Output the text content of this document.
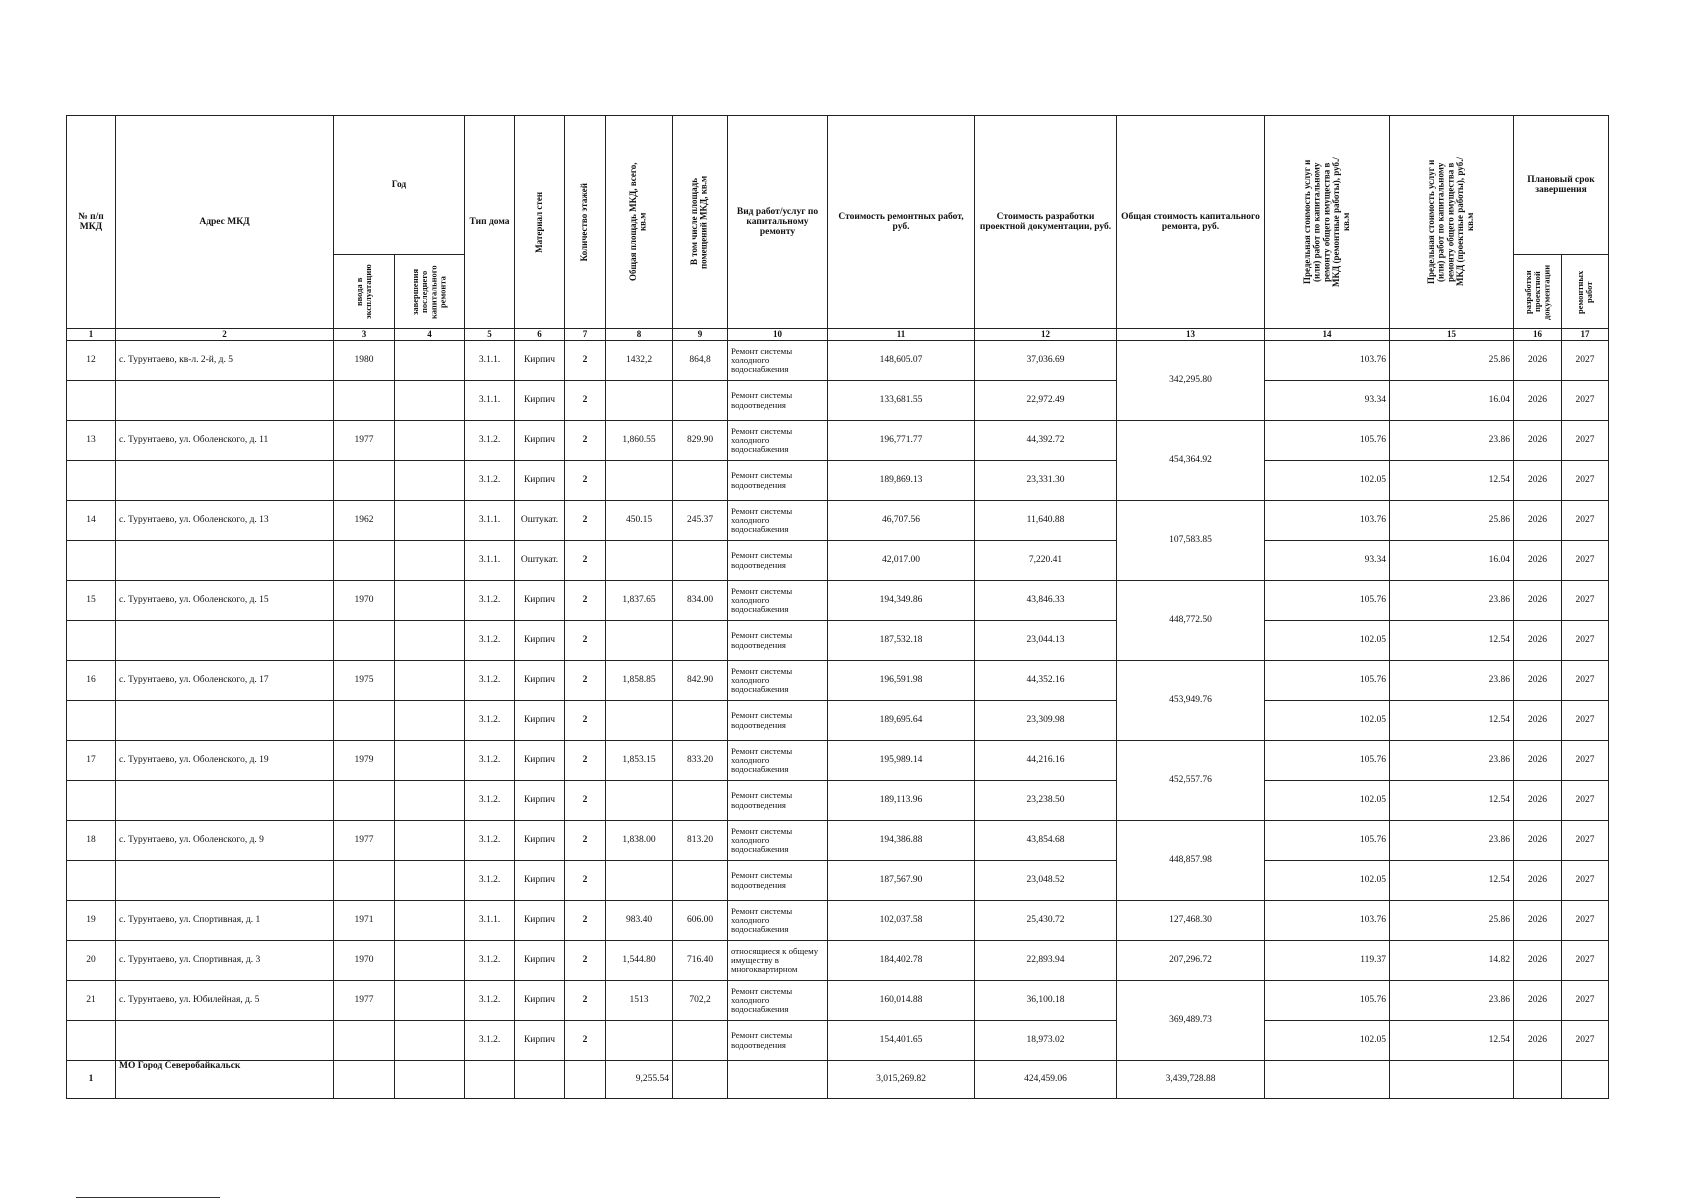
№ п/п МКД	Адрес МКД	Год		Тип дома	Материал стен	Количество этажей	Общая площадь МКД, всего, кв.м	В том числе площадь помещений МКД, кв.м	Вид работ/услуг по капитальному ремонту	Стоимость ремонтных работ, руб.	Стоимость разработки проектной документации, руб.	Общая стоимость капитального ремонта, руб.	Предельная стоимость услуг и (или) работ по капитальному ремонту общего имущества в МКД (ремонтные работы), руб./кв.м	Предельная стоимость услуг и (или) работ по капитальному ремонту общего имущества в МКД (проектные работы), руб./кв.м	Плановый срок завершения	

		ввода в эксплуатацию	завершения последнего капитального ремонта												разработки проектной документации	ремонтных работ

1	2	3	4	5	6	7	8	9	10	11	12	13	14	15	16	17
12	с. Турунтаево, кв-л. 2-й, д. 5	1980		3.1.1.	Кирпич	2	1432,2	864,8	Ремонт системы холодного водоснабжения	148,605.07	37,036.69	342,295.80	103.76	25.86	2026	2027
				3.1.1.	Кирпич	2			Ремонт системы водоотведения	133,681.55	22,972.49		93.34	16.04	2026	2027
13	с. Турунтаево, ул. Оболенского, д. 11	1977		3.1.2.	Кирпич	2	1,860.55	829.90	Ремонт системы холодного водоснабжения	196,771.77	44,392.72	454,364.92	105.76	23.86	2026	2027
				3.1.2.	Кирпич	2			Ремонт системы водоотведения	189,869.13	23,331.30		102.05	12.54	2026	2027
14	с. Турунтаево, ул. Оболенского, д. 13	1962		3.1.1.	Оштукат.	2	450.15	245.37	Ремонт системы холодного водоснабжения	46,707.56	11,640.88	107,583.85	103.76	25.86	2026	2027
				3.1.1.	Оштукат.	2			Ремонт системы водоотведения	42,017.00	7,220.41		93.34	16.04	2026	2027
15	с. Турунтаево, ул. Оболенского, д. 15	1970		3.1.2.	Кирпич	2	1,837.65	834.00	Ремонт системы холодного водоснабжения	194,349.86	43,846.33	448,772.50	105.76	23.86	2026	2027
				3.1.2.	Кирпич	2			Ремонт системы водоотведения	187,532.18	23,044.13		102.05	12.54	2026	2027
16	с. Турунтаево, ул. Оболенского, д. 17	1975		3.1.2.	Кирпич	2	1,858.85	842.90	Ремонт системы холодного водоснабжения	196,591.98	44,352.16	453,949.76	105.76	23.86	2026	2027
				3.1.2.	Кирпич	2			Ремонт системы водоотведения	189,695.64	23,309.98		102.05	12.54	2026	2027
17	с. Турунтаево, ул. Оболенского, д. 19	1979		3.1.2.	Кирпич	2	1,853.15	833.20	Ремонт системы холодного водоснабжения	195,989.14	44,216.16	452,557.76	105.76	23.86	2026	2027
				3.1.2.	Кирпич	2			Ремонт системы водоотведения	189,113.96	23,238.50		102.05	12.54	2026	2027
18	с. Турунтаево, ул. Оболенского, д. 9	1977		3.1.2.	Кирпич	2	1,838.00	813.20	Ремонт системы холодного водоснабжения	194,386.88	43,854.68	448,857.98	105.76	23.86	2026	2027
				3.1.2.	Кирпич	2			Ремонт системы водоотведения	187,567.90	23,048.52		102.05	12.54	2026	2027
19	с. Турунтаево, ул. Спортивная, д. 1	1971		3.1.1.	Кирпич	2	983.40	606.00	Ремонт системы холодного водоснабжения	102,037.58	25,430.72	127,468.30	103.76	25.86	2026	2027
20	с. Турунтаево, ул. Спортивная, д. 3	1970		3.1.2.	Кирпич	2	1,544.80	716.40	относящиеся к общему имуществу в многоквартирном	184,402.78	22,893.94	207,296.72	119.37	14.82	2026	2027
21	с. Турунтаево, ул. Юбилейная, д. 5	1977		3.1.2.	Кирпич	2	1513	702,2	Ремонт системы холодного водоснабжения	160,014.88	36,100.18	369,489.73	105.76	23.86	2026	2027
				3.1.2.	Кирпич	2			Ремонт системы водоотведения	154,401.65	18,973.02		102.05	12.54	2026	2027
1	МО Город Северобайкальск						9,255.54			3,015,269.82	424,459.06	3,439,728.88				
